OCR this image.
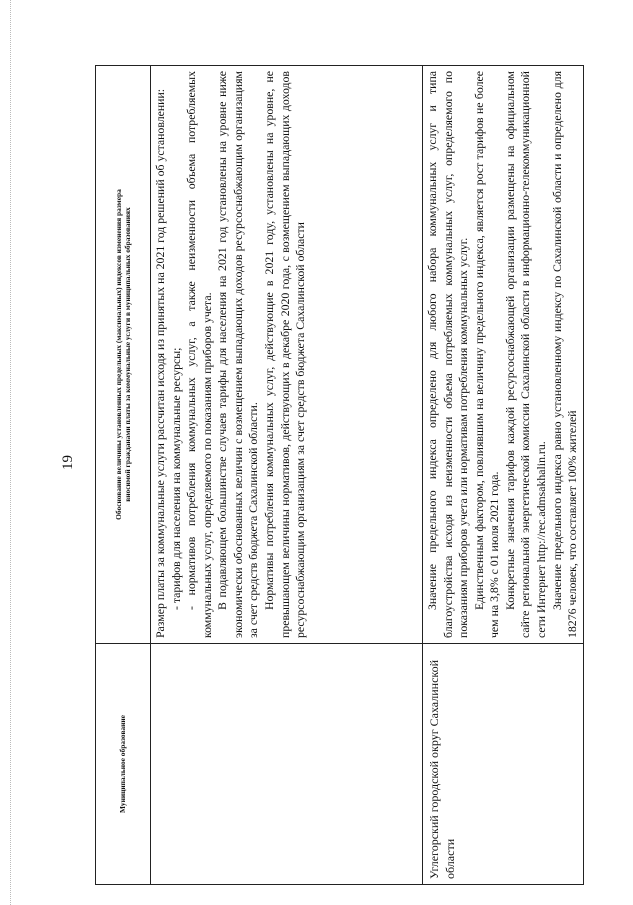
19
Муниципальное образование	Обоснование величины установленных предельных (максимальных) индексов изменения размера
вносимой гражданами платы за коммунальные услуги в муниципальных образованиях

	Размер платы за коммунальные услуги рассчитан исходя из принятых на 2021 год решений об установлении: - тарифов для населения на коммунальные ресурсы; - нормативов потребления коммунальных услуг, а также неизменности объема потребляемых коммунальных услуг, определяемого по показаниям приборов учета. В подавляющем большинстве случаев тарифы для населения на 2021 год установлены на уровне ниже экономически обоснованных величин с возмещением выпадающих доходов ресурсоснабжающим организациям за счет средств бюджета Сахалинской области. Нормативы потребления коммунальных услуг, действующие в 2021 году, установлены на уровне, не превышающем величины нормативов, действующих в декабре 2020 года, с возмещением выпадающих доходов ресурсоснабжающим организациям за счет средств бюджета Сахалинской области

Углегорский городской округ Сахалинской области	Значение предельного индекса определено для любого набора коммунальных услуг и типа благоустройства исходя из неизменности объема потребляемых коммунальных услуг, определяемого по показаниям приборов учета или нормативам потребления коммунальных услуг. Единственным фактором, повлиявшим на величину предельного индекса, является рост тарифов не более чем на 3,8% с 01 июля 2021 года. Конкретные значения тарифов каждой ресурсоснабжающей организации размещены на официальном сайте региональной энергетической комиссии Сахалинской области в информационно-телекоммуникационной сети Интернет http://rec.admsakhalin.ru. Значение предельного индекса равно установленному индексу по Сахалинской области и определено для 18276 человек, что составляет 100% жителей
